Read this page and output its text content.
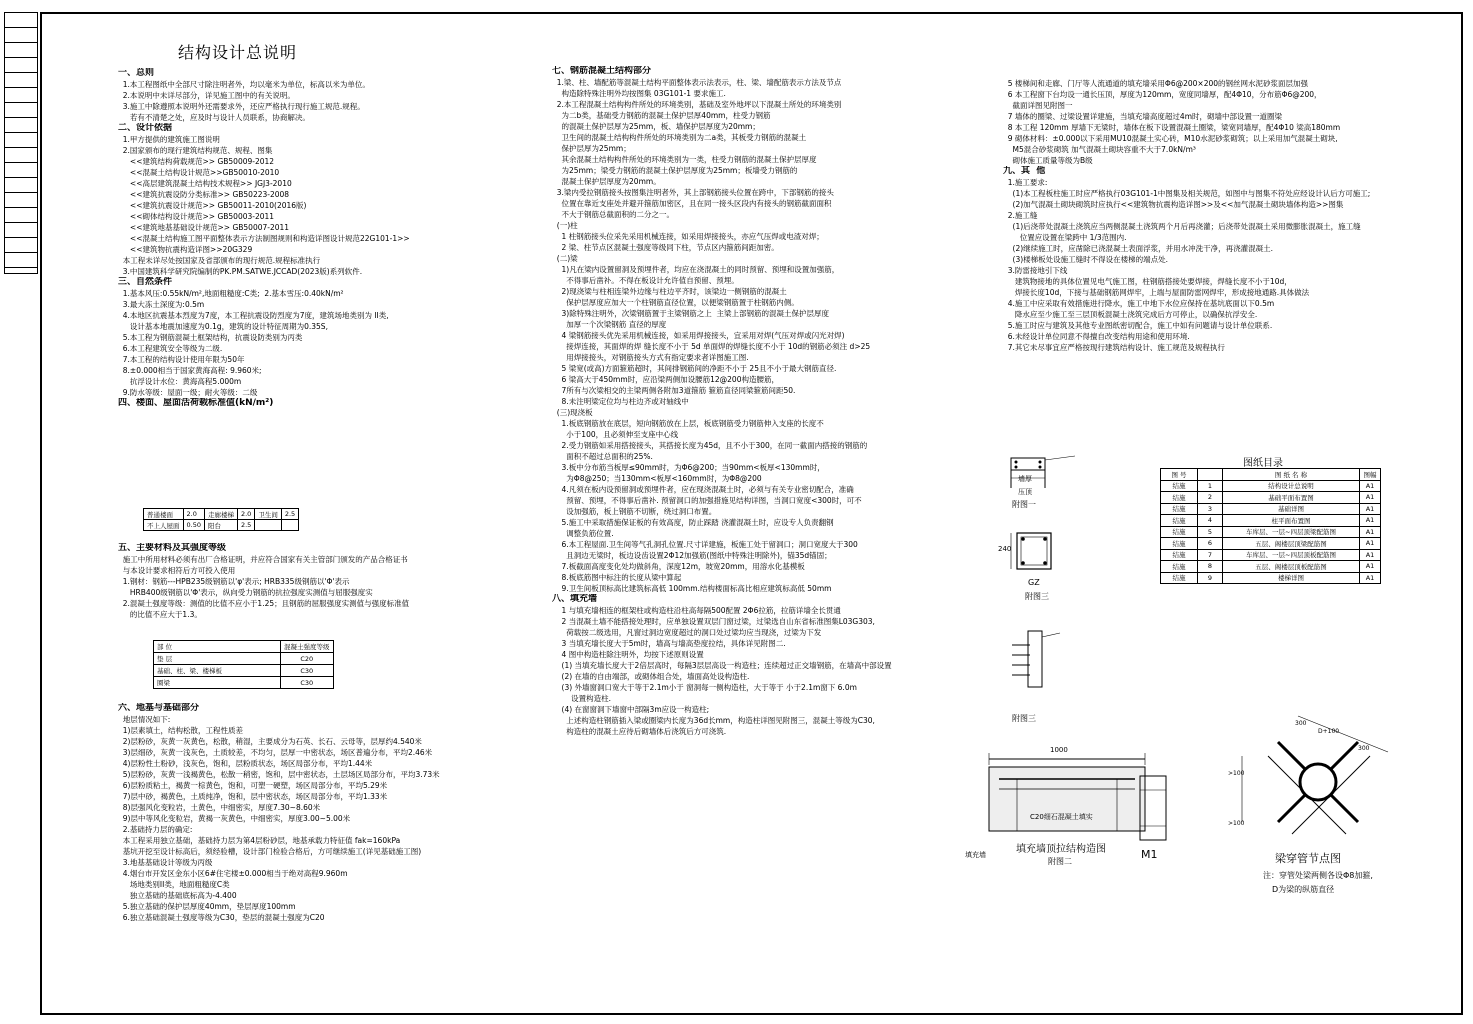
结构设计总说明
一、总则
1.本工程图纸中全部尺寸除注明者外，均以毫米为单位，标高以米为单位。
2.本说明中未详尽部分，详见施工图中的有关说明。
3.施工中除遵照本说明外还需要求外，还应严格执行现行施工规范.规程。
若有不清楚之处，应及时与设计人员联系，协商解决。
二、设计依据
1.甲方提供的建筑施工图说明
2.国家颁布的现行建筑结构规范、规程、图集
<<建筑结构荷载规范>> GB50009-2012
<<混凝土结构设计规范>>GB50010-2010
<<高层建筑混凝土结构技术规程>> JGJ3-2010
<<建筑抗震设防分类标准>> GB50223-2008
<<建筑抗震设计规范>> GB50011-2010(2016版)
<<砌体结构设计规范>> GB50003-2011
<<建筑地基基础设计规范>> GB50007-2011
<<混凝土结构施工图平面整体表示方法制图规则和构造详图设计规范22G101-1>>
<<建筑物抗震构造详图>>20G329
本工程未详尽处按国家及省部颁布的现行规范.规程标准执行
3.中国建筑科学研究院编制的PK.PM.SATWE.JCCAD(2023版)系列软件.
三、自然条件
1.基本风压:0.55kN/m²,地面粗糙度:C类;  2.基本雪压:0.40kN/m²
3.最大冻土深度为:0.5m
4.本地区抗震基本烈度为7度，本工程抗震设防烈度为7度，建筑场地类别为 II类,
设计基本地震加速度为0.1g，建筑的设计特征周期为0.35S,
5.本工程为钢筋混凝土框架结构，抗震设防类别为丙类
6.本工程建筑安全等级为二级.
7.本工程的结构设计使用年限为50年
8.±0.000相当于国家黄海高程: 9.960米;
抗浮设计水位：黄海高程5.000m
9.防水等级：屋面一级；耐火等级：二级
四、楼面、屋面活荷载标准值(kN/m²)
普通楼面	2.0	走廊楼梯	2.0	卫生间	2.5
不上人屋面	0.50	阳台	2.5		
五、主要材料及其强度等级
施工中所用材料必须有出厂合格证明，并应符合国家有关主管部门颁发的产品合格证书
与本设计要求相符后方可投入使用
1.钢材：钢筋---HPB235级钢筋以'φ'表示; HRB335级钢筋以'Φ'表示
HRB400级钢筋以'Φ'表示，纵向受力钢筋的抗拉强度实测值与屈服强度实
2.混凝土强度等级：测值的比值不应小于1.25；且钢筋的屈服强度实测值与强度标准值
的比值不应大于1.3。
部 位	混凝土强度等级
垫 层	C20
基础、柱、梁、楼梯板	C30
圈梁	C30
六、地基与基础部分
地层情况如下:
1)层素填土，结构松散，工程性质差
2)层粉砂，灰黄一灰黄色，松散，稍湿，主要成分为石英、长石、云母等，层厚约4.540米
3)层细砂，灰黄一浅灰色，土质较差，不均匀，层厚一中密状态，场区普遍分布，平均2.46米
4)层粉性土粉砂，浅灰色，饱和，层粉质状态，场区局部分布，平均1.44米
5)层粉砂，灰黄一浅褐黄色，松散一稍密，饱和，层中密状态，土层场区局部分布，平均3.73米
6)层粉质粘土，褐黄一棕黄色，饱和，可塑一硬塑，场区局部分布，平均5.29米
7)层中砂，褐黄色，土质纯净，饱和，层中密状态，场区局部分布，平均1.33米
8)层强风化变粒岩，土黄色，中细密实，厚度7.30~8.60米
9)层中等风化变粒岩，黄褐一灰黄色，中细密实，厚度3.00~5.00米
2.基础持力层的确定:
本工程采用独立基础，基础持力层为第4层粉砂层，地基承载力特征值 fak=160kPa
基坑开挖至设计标高后，须经验槽，设计部门检验合格后，方可继续施工(详见基础施工图)
3.地基基础设计等级为丙级
4.烟台市开发区金东小区6#住宅楼±0.000相当于绝对高程9.960m
场地类别II类，地面粗糙度C类
独立基础的基础底标高为-4.400
5.独立基础的保护层厚度40mm，垫层厚度100mm
6.独立基础混凝土强度等级为C30，垫层的混凝土强度为C20
七、钢筋混凝土结构部分
1.梁、柱、墙配筋等混凝土结构平面整体表示法表示，柱、梁、墙配筋表示方法及节点
构造除特殊注明外均按图集 03G101-1 要求施工.
2.本工程混凝土结构构件所处的环境类别，基础及室外地坪以下混凝土所处的环境类别
为二b类，基础受力钢筋的混凝土保护层厚40mm，柱受力钢筋
的混凝土保护层厚为25mm，板、墙保护层厚度为20mm；
卫生间的混凝土结构构件所处的环境类别为二a类，其板受力钢筋的混凝土
保护层厚为25mm；
其余混凝土结构构件所处的环境类别为一类，柱受力钢筋的混凝土保护层厚度
为25mm；梁受力钢筋的混凝土保护层厚度为25mm；板墙受力钢筋的
混凝土保护层厚度为20mm。
3.梁内受拉钢筋接头按图集注明者外，其上部钢筋接头位置在跨中，下部钢筋的接头
位置在靠近支座处并避开箍筋加密区，且在同一接头区段内有接头的钢筋截面面积
不大于钢筋总截面积的二分之一。
(一)柱
1 柱钢筋接头位采先采用机械连接，如采用焊接接头，亦应气压焊或电渣对焊；
2 梁、柱节点区混凝土强度等级同下柱，节点区内箍筋间距加密。
(二)梁
1)凡在梁内设置留洞及预埋件者，均应在浇混凝土的同时预留、预埋和设置加强筋，
不得事后凿补。不得在板设计允许值自预留、预埋。
2)现浇梁与柱相连梁外边缘与柱边平齐时，该梁边一侧钢筋的混凝土
保护层厚度应加大一个柱钢筋直径位置，以便梁钢筋置于柱钢筋内侧。
3)除特殊注明外，次梁钢筋置于主梁钢筋之上  主梁上部钢筋的混凝土保护层厚度
加厚一个次梁钢筋 直径的厚度
4 梁钢筋接头优先采用机械连接，如采用焊接接头，宜采用对焊(气压对焊或闪光对焊)
接焊连接，其面焊的焊 缝长度不小于 5d 单面焊的焊缝长度不小于 10d的钢筋必须注 d>25
用焊接接头，对钢筋接头方式有指定要求者详图施工图.
5 梁宽(或高)方面箍筋超时，其间排钢筋间的净距不小于 25且不小于最大钢筋直径.
6 梁高大于450mm时，应沿梁两侧加设腰筋12@200构造腰筋，
7所有与次梁相交的主梁两侧各附加3道箍筋 箍筋直径同梁箍筋间距50.
8.未注明梁定位均与柱边齐或对轴线中
(三)现浇板
1.板底钢筋放在底层，短向钢筋放在上层，板底钢筋受力钢筋伸入支座的长度不
小于100，且必须伸至支座中心线
2.受力钢筋如采用搭接接头，其搭接长度为45d，且不小于300，在同一截面内搭接的钢筋的
面积不超过总面积的25%.
3.板中分布筋当板厚≤90mm时，为Φ6@200；当90mm<板厚<130mm时，
为Φ8@250；当130mm<板厚<160mm时，为Φ8@200
4.凡须在板内设预留洞或预埋件者，应在现浇混凝土时，必须与有关专业密切配合，准确
预留、预埋，不得事后凿补. 预留洞口的加强措施见结构详图，当洞口宽度<300时，可不
设加强筋，板上钢筋不切断，绕过洞口布置。
5.施工中采取措施保证板的有效高度，防止踩踏 浇灌混凝土时，应设专人负责翻钢
调整负筋位置.
6.本工程屋面.卫生间等气孔洞孔位置.尺寸详建施，板施工处于留洞口；洞口宽度大于300
且洞边无梁时，板边设齿设置2Φ12加强筋(图纸中特殊注明除外)，锚35d锚固；
7.板截面高度变化处均做斜角，深度12m，坡宽20mm，用溶水化基模板
8.板底筋图中标注的长度从梁中算起
9.卫生间板顶标高比建筑标高低 100mm.结构楼面标高比相应建筑标高低 50mm
八、填充墙
1 与填充墙相连的框架柱或构造柱沿柱高每隔500配置 2Φ6拉筋，拉筋详墙全长贯通
2 当混凝土墙不能搭接处理时，应单独设置双层门窗过梁，过梁选自山东省标准图集L03G303,
荷载按二级选用，凡窗过洞边宽度超过的洞口处过梁均应当现浇，过梁为下发
3 当填充墙长度大于5m时，墙高与墙高垫度拉结，具体详见附图二.
4 图中构造柱除注明外，均按下述原则设置
(1) 当填充墙长度大于2倍层高时，每隔3层层高设一构造柱；连续超过正交墙钢筋，在墙高中部设置
(2) 在墙的自由端部，或砌体组合处，墙面高处设构造柱.
(3) 外墙窗洞口宽大于等于2.1m小于 窗洞每一侧构造柱，大于等于 小于2.1m窗下 6.0m
设置构造柱.
(4) 在窗窗洞下墙窗中部隔3m应设一构造柱;
上述构造柱钢筋插入梁或圈梁内长度为36d长mm，构造柱详图见附图三，混凝土等级为C30,
构造柱的混凝土应待后砌墙体后浇筑后方可浇筑.
5 楼梯间和走廊、门厅等人流通道的填充墙采用Φ6@200×200的钢丝网水泥砂浆面层加强
6 本工程窗下台均设一通长压顶，厚度为120mm，宽度同墙厚，配4Φ10，分布筋Φ6@200，
截面详图见附图一
7 墙体的圈梁、过梁设置详建施，当填充墙高度超过4m时，砌墙中部设置一道圈梁
8 本工程 120mm 厚墙下无梁时，墙体在板下设置混凝土圈梁，梁宽同墙厚，配4Φ10 梁高180mm
9 砌体材料：±0.000以下采用MU10混凝土实心砖，M10水泥砂浆砌筑；以上采用加气混凝土砌块,
M5混合砂浆砌筑 加气混凝土砌块容重不大于7.0kN/m³
砌体施工质量等级为B级
九、其  他
1.施工要求:
(1)本工程板柱施工时应严格执行03G101-1中图集及相关规范，如图中与图集不符处应经设计认后方可施工;
(2)加气混凝土砌块砌筑时应执行<<建筑物抗震构造详图>>及<<加气混凝土砌块墙体构造>>图集
2.施工缝
(1)后浇带处混凝土浇筑应当两侧混凝土浇筑两个月后再浇灌；后浇带处混凝土采用微膨胀混凝土，施工缝
位置应设置在梁跨中 1/3范围内.
(2)继续施工时，应凿除已浇混凝土表面浮浆，并用水冲洗干净，再浇灌混凝土.
(3)楼梯板处设施工缝时不得设在楼梯的端点处.
3.防雷接地引下线
建筑物接地的具体位置见电气施工图，柱钢筋搭接处要焊接，焊缝长度不小于10d，
焊接长度10d，下接与基础钢筋网焊牢，上端与屋面防雷网焊牢，形成接地通路.具体做法
4.施工中应采取有效措施进行降水，施工中地下水位应保持在基坑底面以下0.5m
降水应至少施工至三层顶板混凝土浇筑完成后方可停止，以确保抗浮安全.
5.施工时应与建筑及其他专业图纸密切配合，施工中如有问题请与设计单位联系.
6.未经设计单位同意不得擅自改变结构用途和使用环境.
7.其它未尽事宜应严格按现行建筑结构设计、施工规范及规程执行
图纸目录
图 号		图 纸 名 称	图幅
结施	1	结构设计总说明	A1
结施	2	基础平面布置图	A1
结施	3	基础详图	A1
结施	4	柱平面布置图	A1
结施	5	车库层、一层~四层顶梁配筋图	A1
结施	6	五层、阁楼层顶梁配筋图	A1
结施	7	车库层、一层~四层顶板配筋图	A1
结施	8	五层、阁楼层顶板配筋图	A1
结施	9	楼梯详图	A1
墙厚
压顶
附图一
240
GZ
附图三
附图三
1000
C20细石混凝土填实
填充墙	填充墙顶拉结构造图
附图二
M1
300
D+100
300
>100
>100
梁穿管节点图
注：穿管处梁两侧各设Φ8加箍,
D为梁的纵筋直径
